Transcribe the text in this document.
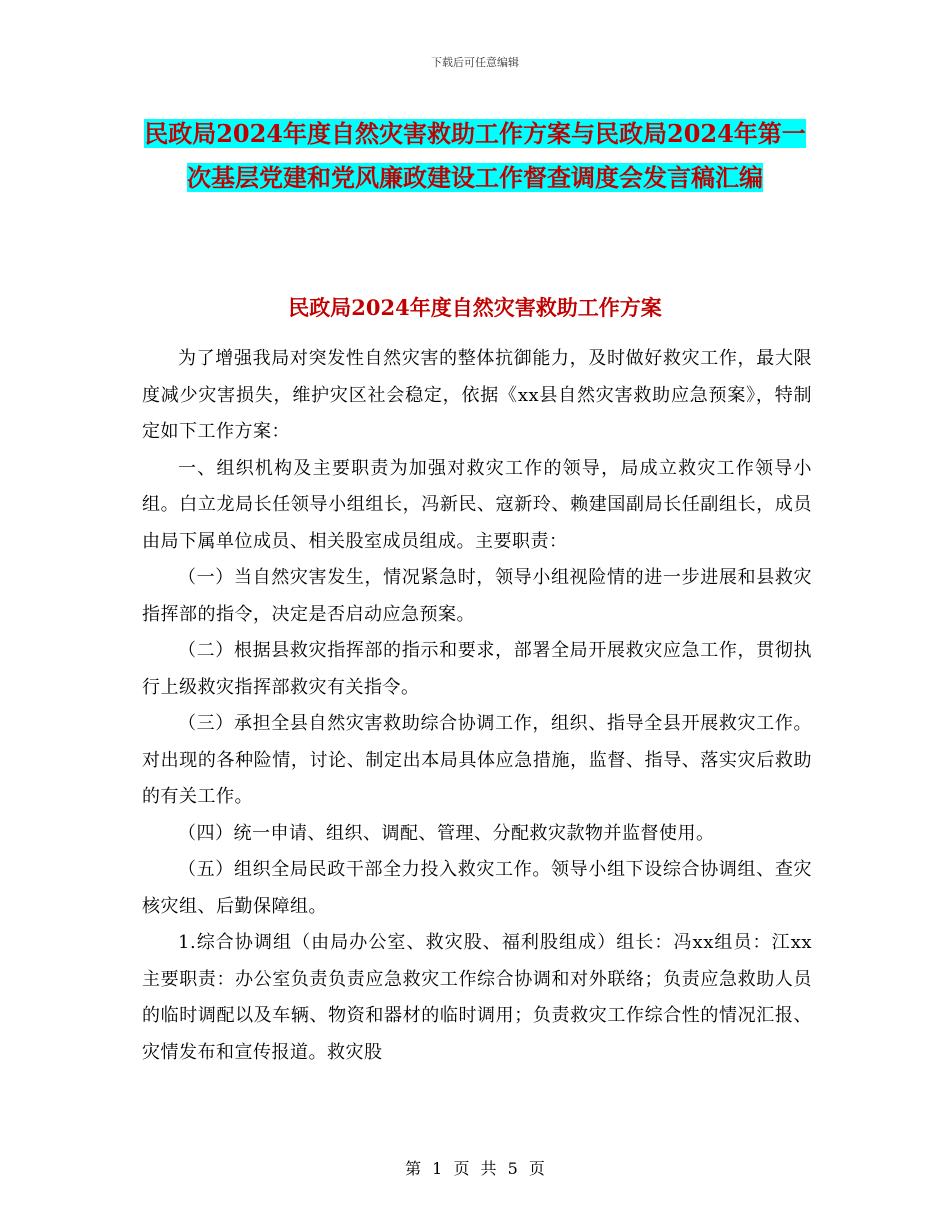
下载后可任意编辑
民政局2024年度自然灾害救助工作方案与民政局2024年第一次基层党建和党风廉政建设工作督查调度会发言稿汇编
民政局2024年度自然灾害救助工作方案

为了增强我局对突发性自然灾害的整体抗御能力，及时做好救灾工作，最大限度减少灾害损失，维护灾区社会稳定，依据《xx县自然灾害救助应急预案》，特制定如下工作方案：

一、组织机构及主要职责为加强对救灾工作的领导，局成立救灾工作领导小组。白立龙局长任领导小组组长，冯新民、寇新玲、赖建国副局长任副组长，成员由局下属单位成员、相关股室成员组成。主要职责：

（一）当自然灾害发生，情况紧急时，领导小组视险情的进一步进展和县救灾指挥部的指令，决定是否启动应急预案。

（二）根据县救灾指挥部的指示和要求，部署全局开展救灾应急工作，贯彻执行上级救灾指挥部救灾有关指令。

（三）承担全县自然灾害救助综合协调工作，组织、指导全县开展救灾工作。对出现的各种险情，讨论、制定出本局具体应急措施，监督、指导、落实灾后救助的有关工作。

（四）统一申请、组织、调配、管理、分配救灾款物并监督使用。

（五）组织全局民政干部全力投入救灾工作。领导小组下设综合协调组、查灾核灾组、后勤保障组。

1.综合协调组（由局办公室、救灾股、福利股组成）组长：冯xx组员：江xx主要职责：办公室负责负责应急救灾工作综合协调和对外联络；负责应急救助人员的临时调配以及车辆、物资和器材的临时调用；负责救灾工作综合性的情况汇报、灾情发布和宣传报道。救灾股

第 1 页 共 5 页
